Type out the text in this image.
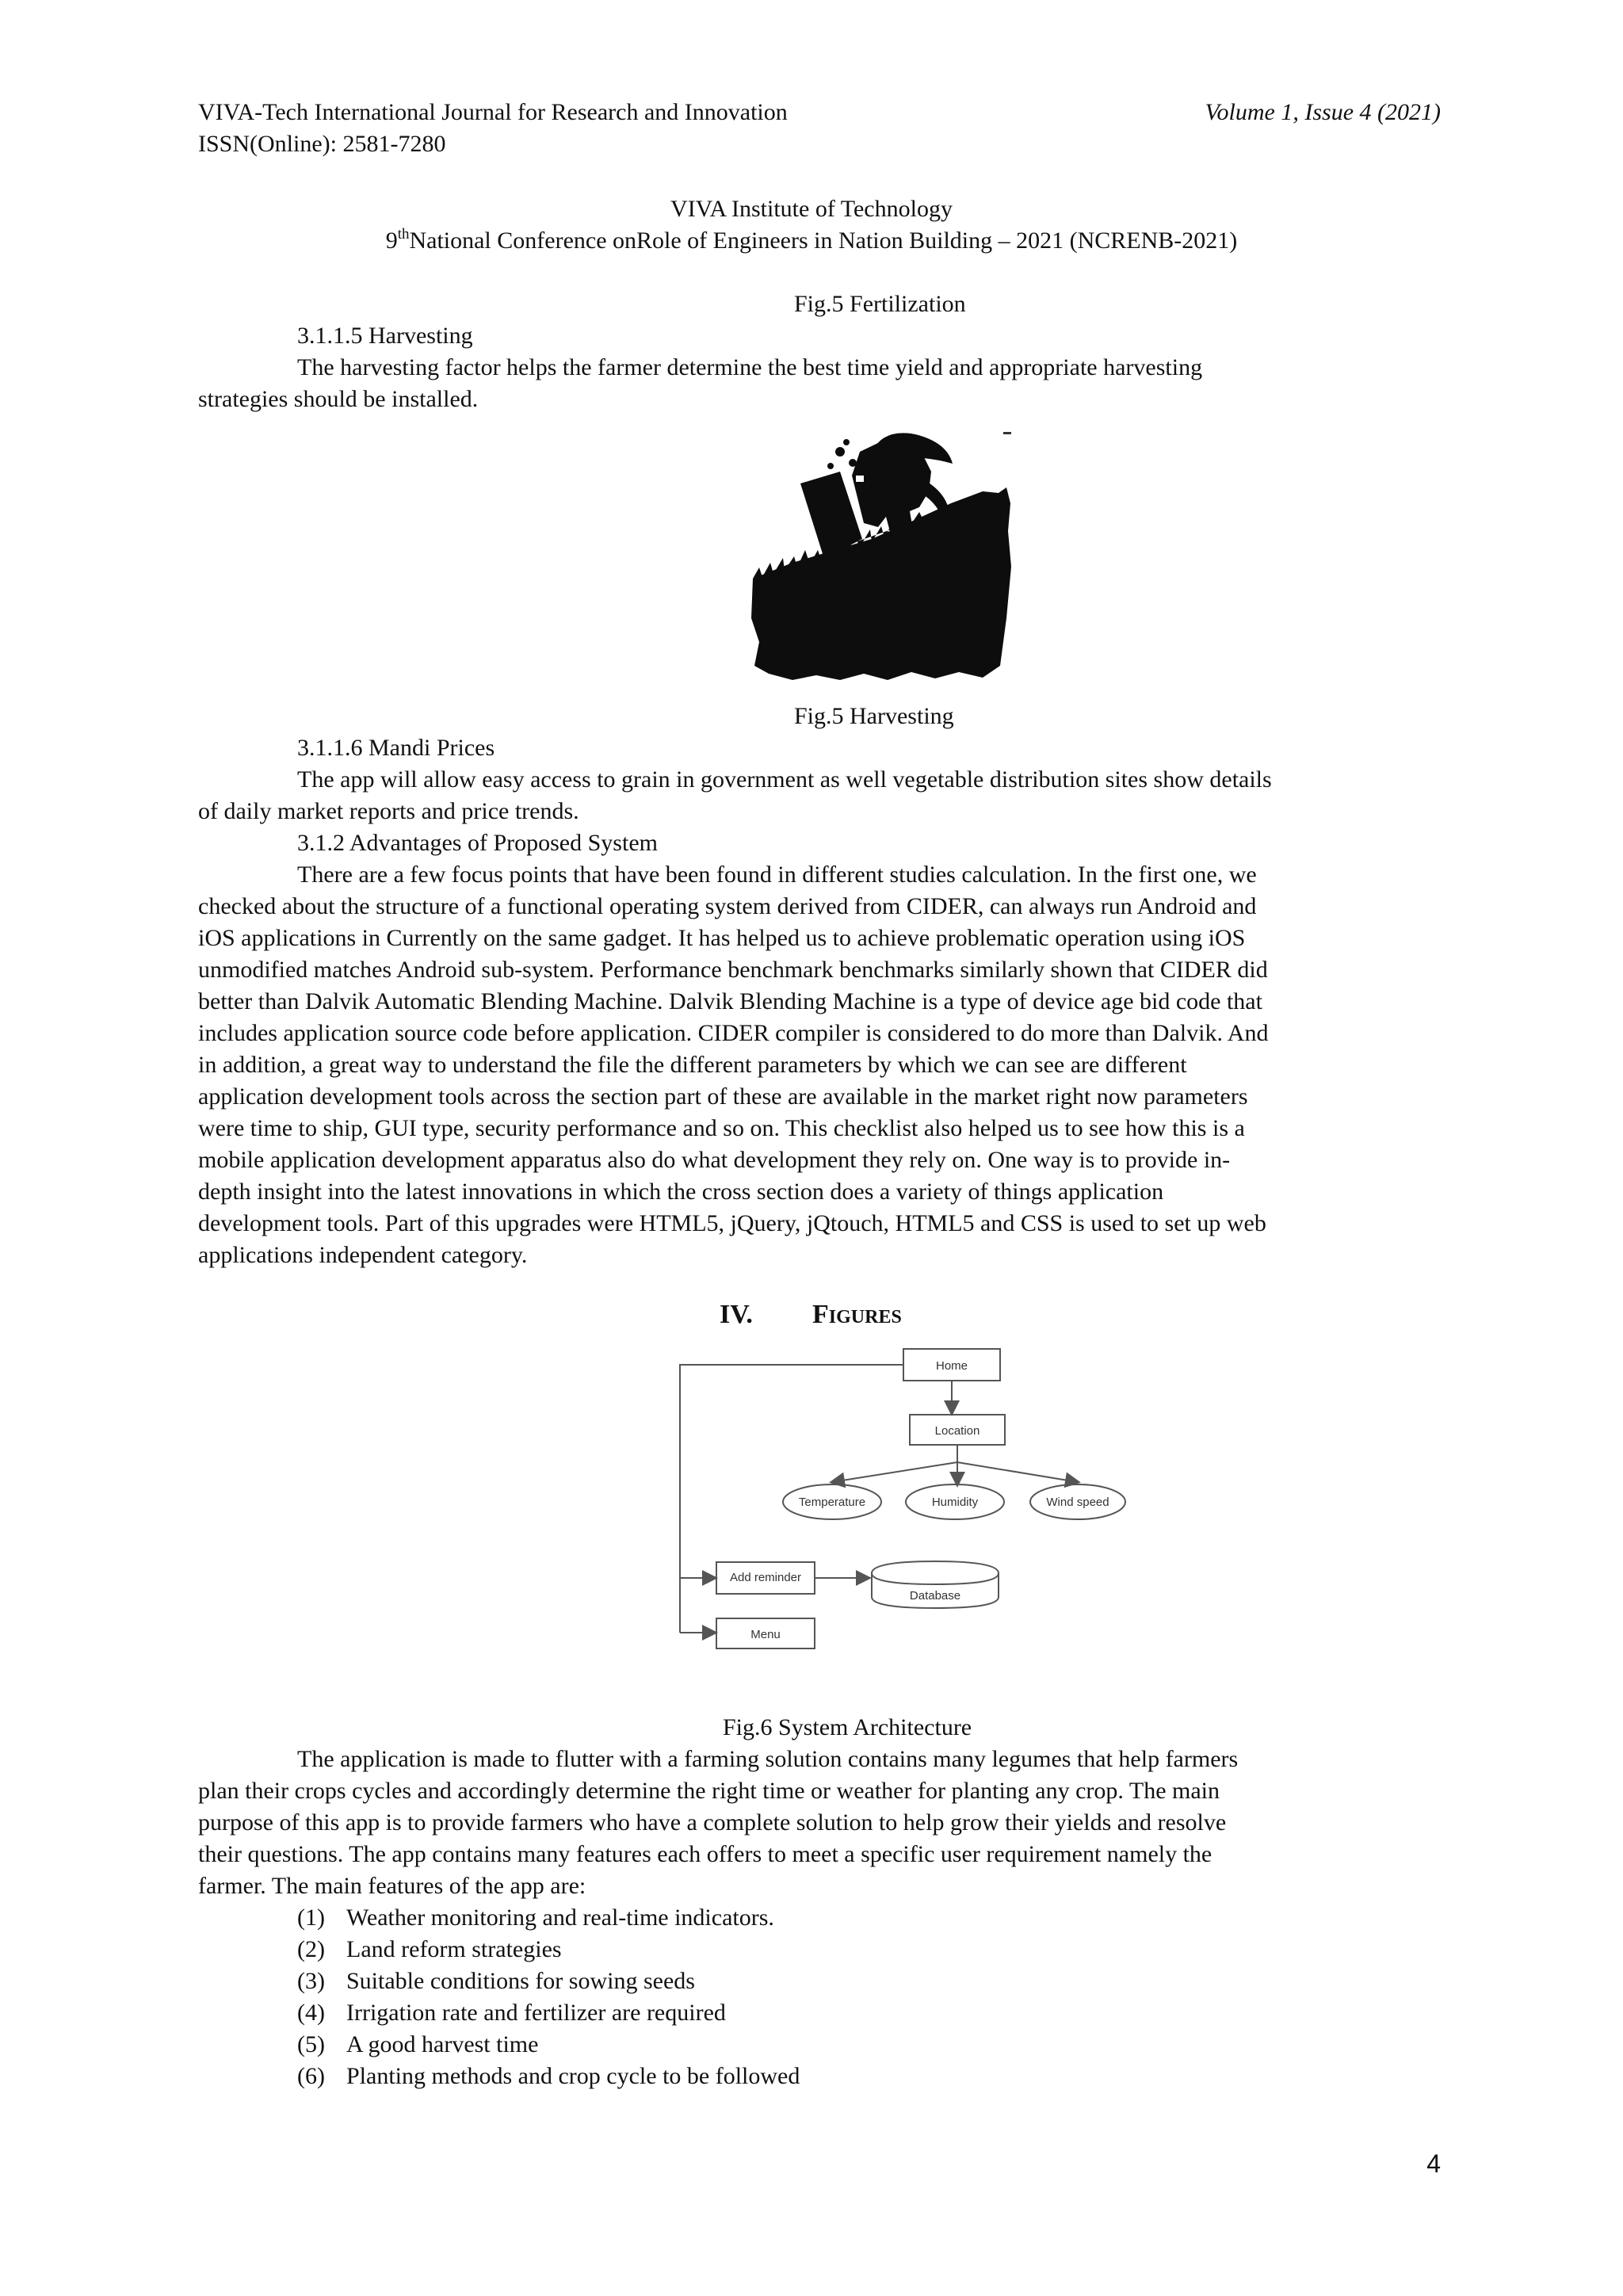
VIVA-Tech International Journal for Research and Innovation	Volume 1, Issue 4 (2021)
ISSN(Online): 2581-7280
VIVA Institute of Technology
9thNational Conference onRole of Engineers in Nation Building – 2021 (NCRENB-2021)
Fig.5 Fertilization
3.1.1.5 Harvesting
The harvesting factor helps the farmer determine the best time yield and appropriate harvesting
strategies should be installed.
Fig.5 Harvesting
3.1.1.6 Mandi Prices
The app will allow easy access to grain in government as well vegetable distribution sites show details
of daily market reports and price trends.
3.1.2 Advantages of Proposed System
There are a few focus points that have been found in different studies calculation. In the first one, we
checked about the structure of a functional operating system derived from CIDER, can always run Android and
iOS applications in Currently on the same gadget. It has helped us to achieve problematic operation using iOS
unmodified matches Android sub-system. Performance benchmark benchmarks similarly shown that CIDER did
better than Dalvik Automatic Blending Machine. Dalvik Blending Machine is a type of device age bid code that
includes application source code before application. CIDER compiler is considered to do more than Dalvik. And
in addition, a great way to understand the file the different parameters by which we can see are different
application development tools across the section part of these are available in the market right now parameters
were time to ship, GUI type, security performance and so on. This checklist also helped us to see how this is a
mobile application development apparatus also do what development they rely on. One way is to provide in-
depth insight into the latest innovations in which the cross section does a variety of things application
development tools. Part of this upgrades were HTML5, jQuery, jQtouch, HTML5 and CSS is used to set up web
applications independent category.
IV. Figures
Home
Location
Temperature	Humidity	Wind speed
Add reminder
Database
Menu
Fig.6 System Architecture
The application is made to flutter with a farming solution contains many legumes that help farmers
plan their crops cycles and accordingly determine the right time or weather for planting any crop. The main
purpose of this app is to provide farmers who have a complete solution to help grow their yields and resolve
their questions. The app contains many features each offers to meet a specific user requirement namely the
farmer. The main features of the app are:
(1) Weather monitoring and real-time indicators.
(2) Land reform strategies
(3) Suitable conditions for sowing seeds
(4) Irrigation rate and fertilizer are required
(5) A good harvest time
(6) Planting methods and crop cycle to be followed
4
